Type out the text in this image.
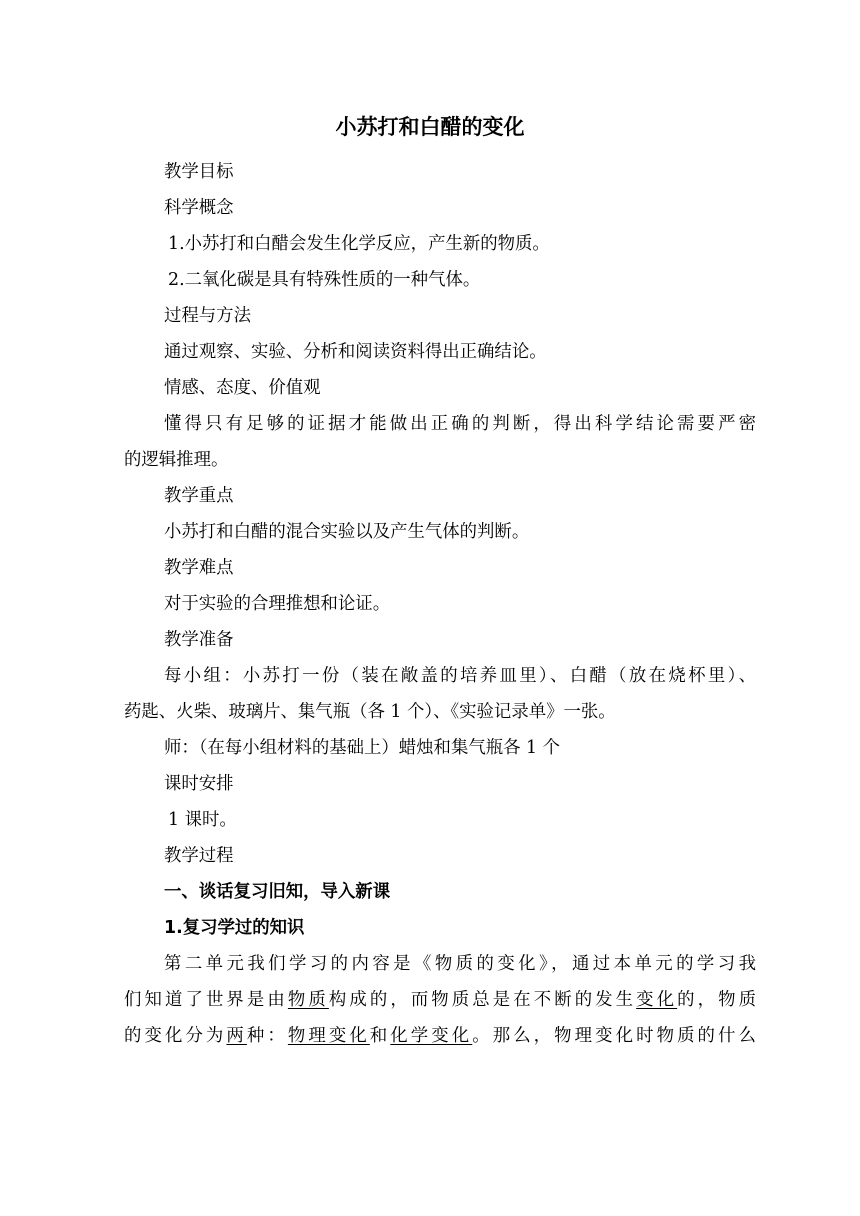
小苏打和白醋的变化

教学目标

科学概念

1.小苏打和白醋会发生化学反应，产生新的物质。

2.二氧化碳是具有特殊性质的一种气体。

过程与方法

通过观察、实验、分析和阅读资料得出正确结论。

情感、态度、价值观

懂得只有足够的证据才能做出正确的判断，得出科学结论需要严密

的逻辑推理。

教学重点

小苏打和白醋的混合实验以及产生气体的判断。

教学难点

对于实验的合理推想和论证。

教学准备

每小组：小苏打一份（装在敞盖的培养皿里）、白醋（放在烧杯里）、

药匙、火柴、玻璃片、集气瓶（各 1 个）、《实验记录单》一张。

师：（在每小组材料的基础上）蜡烛和集气瓶各 1 个

课时安排

1 课时。

教学过程

一、谈话复习旧知，导入新课

1.复习学过的知识

第二单元我们学习的内容是《物质的变化》，通过本单元的学习我

们知道了世界是由物质构成的，而物质总是在不断的发生变化的，物质

的变化分为两种：物理变化和化学变化。那么，物理变化时物质的什么
